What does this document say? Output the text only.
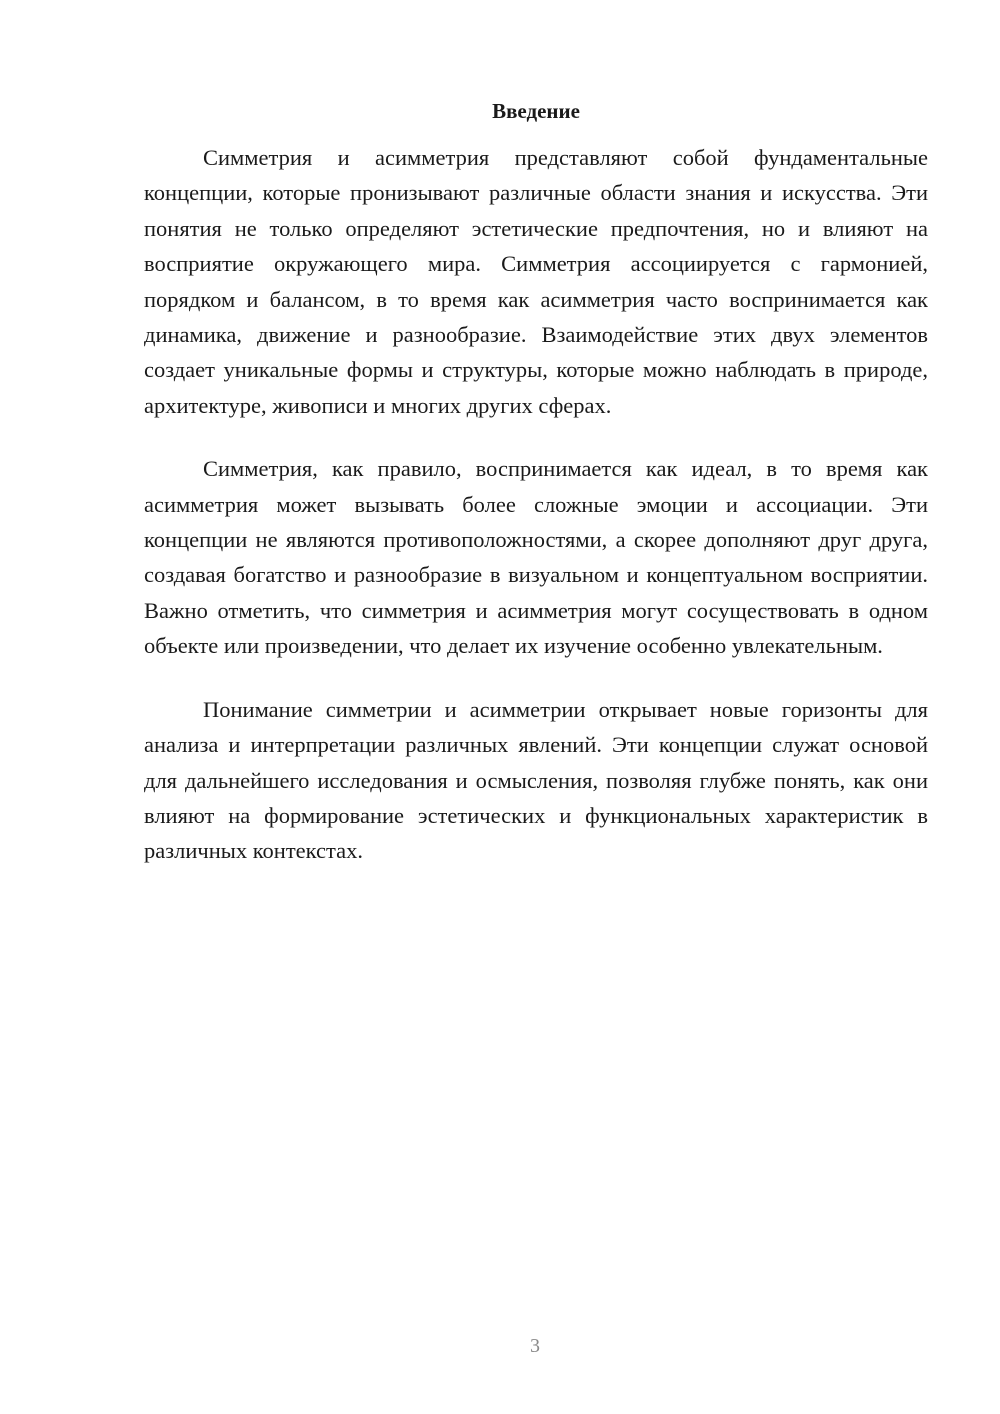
Введение

Симметрия и асимметрия представляют собой фундаментальные концепции, которые пронизывают различные области знания и искусства. Эти понятия не только определяют эстетические предпочтения, но и влияют на восприятие окружающего мира. Симметрия ассоциируется с гармонией, порядком и балансом, в то время как асимметрия часто воспринимается как динамика, движение и разнообразие. Взаимодействие этих двух элементов создает уникальные формы и структуры, которые можно наблюдать в природе, архитектуре, живописи и многих других сферах.

Симметрия, как правило, воспринимается как идеал, в то время как асимметрия может вызывать более сложные эмоции и ассоциации. Эти концепции не являются противоположностями, а скорее дополняют друг друга, создавая богатство и разнообразие в визуальном и концептуальном восприятии. Важно отметить, что симметрия и асимметрия могут сосуществовать в одном объекте или произведении, что делает их изучение особенно увлекательным.

Понимание симметрии и асимметрии открывает новые горизонты для анализа и интерпретации различных явлений. Эти концепции служат основой для дальнейшего исследования и осмысления, позволяя глубже понять, как они влияют на формирование эстетических и функциональных характеристик в различных контекстах.

3
